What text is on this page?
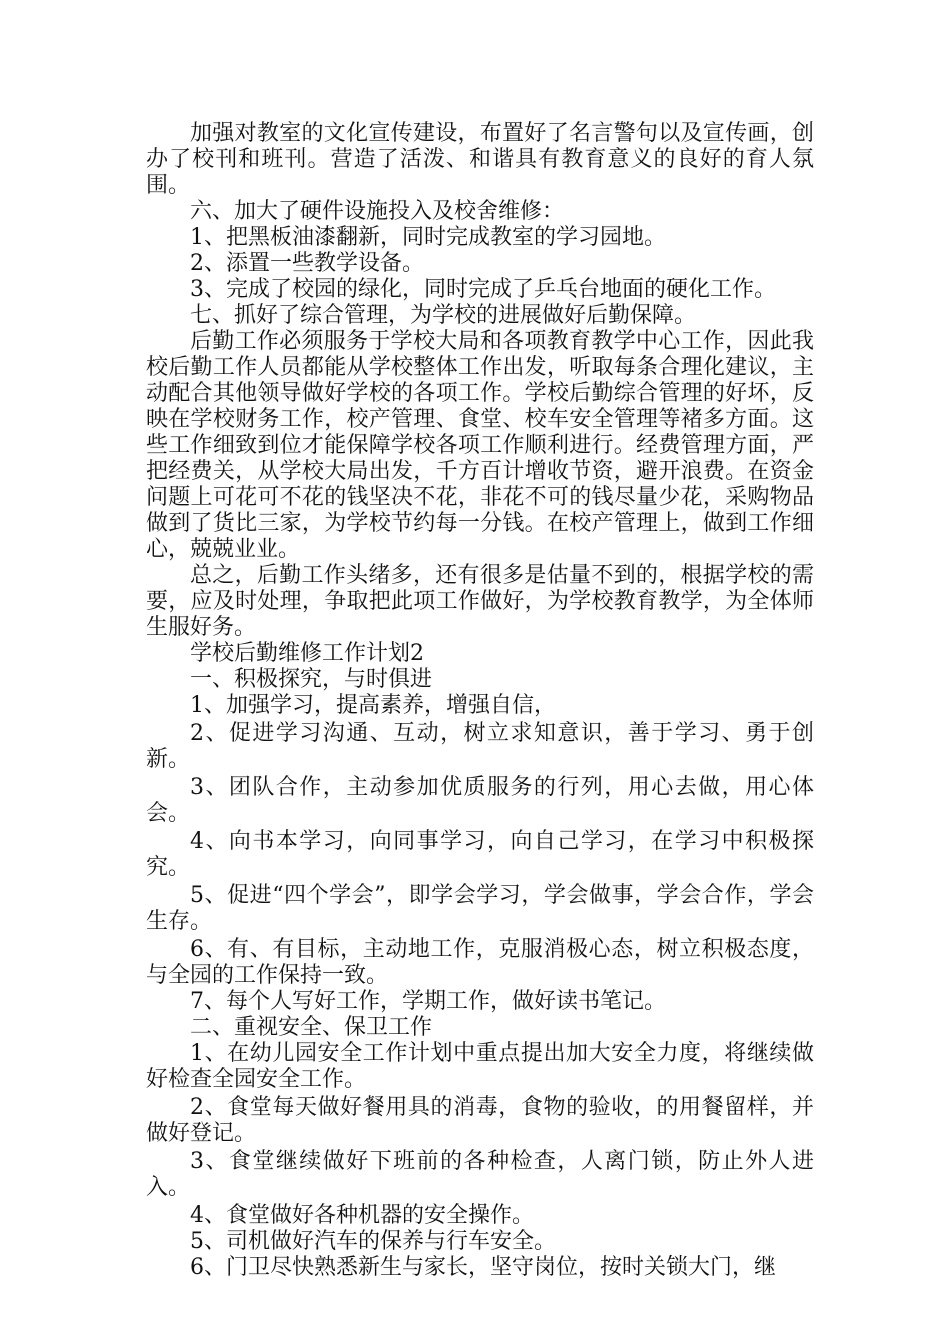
加强对教室的文化宣传建设，布置好了名言警句以及宣传画，创办了校刊和班刊。营造了活泼、和谐具有教育意义的良好的育人氛围。

六、加大了硬件设施投入及校舍维修：

1、把黑板油漆翻新，同时完成教室的学习园地。

2、添置一些教学设备。

3、完成了校园的绿化，同时完成了乒乓台地面的硬化工作。

七、抓好了综合管理，为学校的进展做好后勤保障。

后勤工作必须服务于学校大局和各项教育教学中心工作，因此我校后勤工作人员都能从学校整体工作出发，听取每条合理化建议，主动配合其他领导做好学校的各项工作。学校后勤综合管理的好坏，反映在学校财务工作，校产管理、食堂、校车安全管理等褚多方面。这些工作细致到位才能保障学校各项工作顺利进行。经费管理方面，严把经费关，从学校大局出发，千方百计增收节资，避开浪费。在资金问题上可花可不花的钱坚决不花，非花不可的钱尽量少花，采购物品做到了货比三家，为学校节约每一分钱。在校产管理上，做到工作细心，兢兢业业。

总之，后勤工作头绪多，还有很多是估量不到的，根据学校的需要，应及时处理，争取把此项工作做好，为学校教育教学，为全体师生服好务。

学校后勤维修工作计划2

一、积极探究，与时俱进

1、加强学习，提高素养，增强自信，

2、促进学习沟通、互动，树立求知意识，善于学习、勇于创新。

3、团队合作，主动参加优质服务的行列，用心去做，用心体会。

4、向书本学习，向同事学习，向自己学习，在学习中积极探究。

5、促进“四个学会”，即学会学习，学会做事，学会合作，学会生存。

6、有、有目标，主动地工作，克服消极心态，树立积极态度，与全园的工作保持一致。

7、每个人写好工作，学期工作，做好读书笔记。

二、重视安全、保卫工作

1、在幼儿园安全工作计划中重点提出加大安全力度，将继续做好检查全园安全工作。

2、食堂每天做好餐用具的消毒，食物的验收，的用餐留样，并做好登记。

3、食堂继续做好下班前的各种检查，人离门锁，防止外人进入。

4、食堂做好各种机器的安全操作。

5、司机做好汽车的保养与行车安全。

6、门卫尽快熟悉新生与家长，坚守岗位，按时关锁大门，继
